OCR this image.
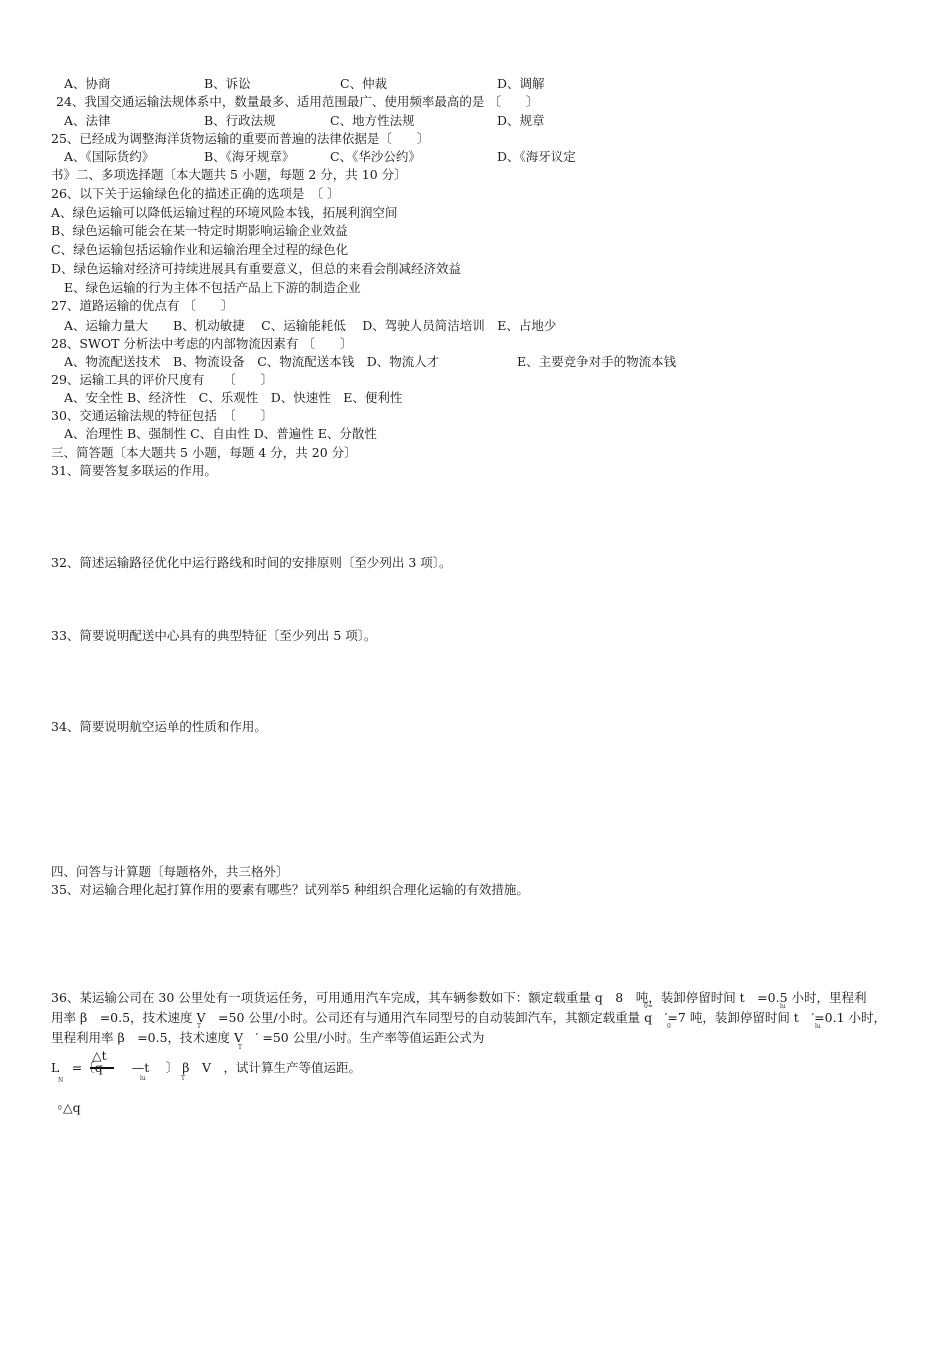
A、协商	B、诉讼	C、仲裁	D、调解
24、我国交通运输法规体系中，数量最多、适用范围最广、使用频率最高的是 〔　　〕
A、法律	B、行政法规	C、地方性法规	D、规章
25、已经成为调整海洋货物运输的重要而普遍的法律依据是〔　　〕
A、《国际货约》	B、《海牙规章》	C、《华沙公约》	D、《海牙议定
书》二、多项选择题〔本大题共 5 小题，每题 2 分，共 10 分〕
26、以下关于运输绿色化的描述正确的选项是　〔 〕
A、绿色运输可以降低运输过程的环境风险本钱，拓展利润空间
B、绿色运输可能会在某一特定时期影响运输企业效益
C、绿色运输包括运输作业和运输治理全过程的绿色化
D、绿色运输对经济可持续进展具有重要意义，但总的来看会削减经济效益
E、绿色运输的行为主体不包括产品上下游的制造企业
27、道路运输的优点有 〔　　〕
A、运输力量大　　B、机动敏捷　 C、运输能耗低　 D、驾驶人员简洁培训　E、占地少
28、SWOT 分析法中考虑的内部物流因素有 〔　　〕
A、物流配送技术　B、物流设备　C、物流配送本钱　D、物流人才	E、主要竞争对手的物流本钱
29、运输工具的评价尺度有　　〔　　〕
A、安全性 B、经济性　C、乐观性　D、快速性　E、便利性
30、交通运输法规的特征包括　〔　　〕
A、治理性 B、强制性 C、自由性 D、普遍性 E、分散性
三、简答题〔本大题共 5 小题，每题 4 分，共 20 分〕
31、简要答复多联运的作用。
32、简述运输路径优化中运行路线和时间的安排原则〔至少列出 3 项〕。
33、简要说明配送中心具有的典型特征〔至少列出 5 项〕。
34、简要说明航空运单的性质和作用。
四、问答与计算题〔每题格外，共三格外〕
35、对运输合理化起打算作用的要素有哪些？试列举5 种组织合理化运输的有效措施。
36、某运输公司在 30 公里处有一项货运任务，可用通用汽车完成，其车辆参数如下：额定载重量 q　8　吨，装卸停留时间 t　=0.5 小时，里程利
0=	lu
用率 β　=0.5，技术速度 V　=50 公里/小时。公司还有与通用汽车同型号的自动装卸汽车，其额定载重量 q　′=7 吨，装卸停留时间 t　′=0.1 小时，
T	0	lu
里程利用率 β　=0.5，技术速度 V　′ =50 公里/小时。生产率等值运距公式为
T
△t
L　=〔q　　 —t　 〕 β　V　，试计算生产等值运距。
N	lu	T
0 △q
